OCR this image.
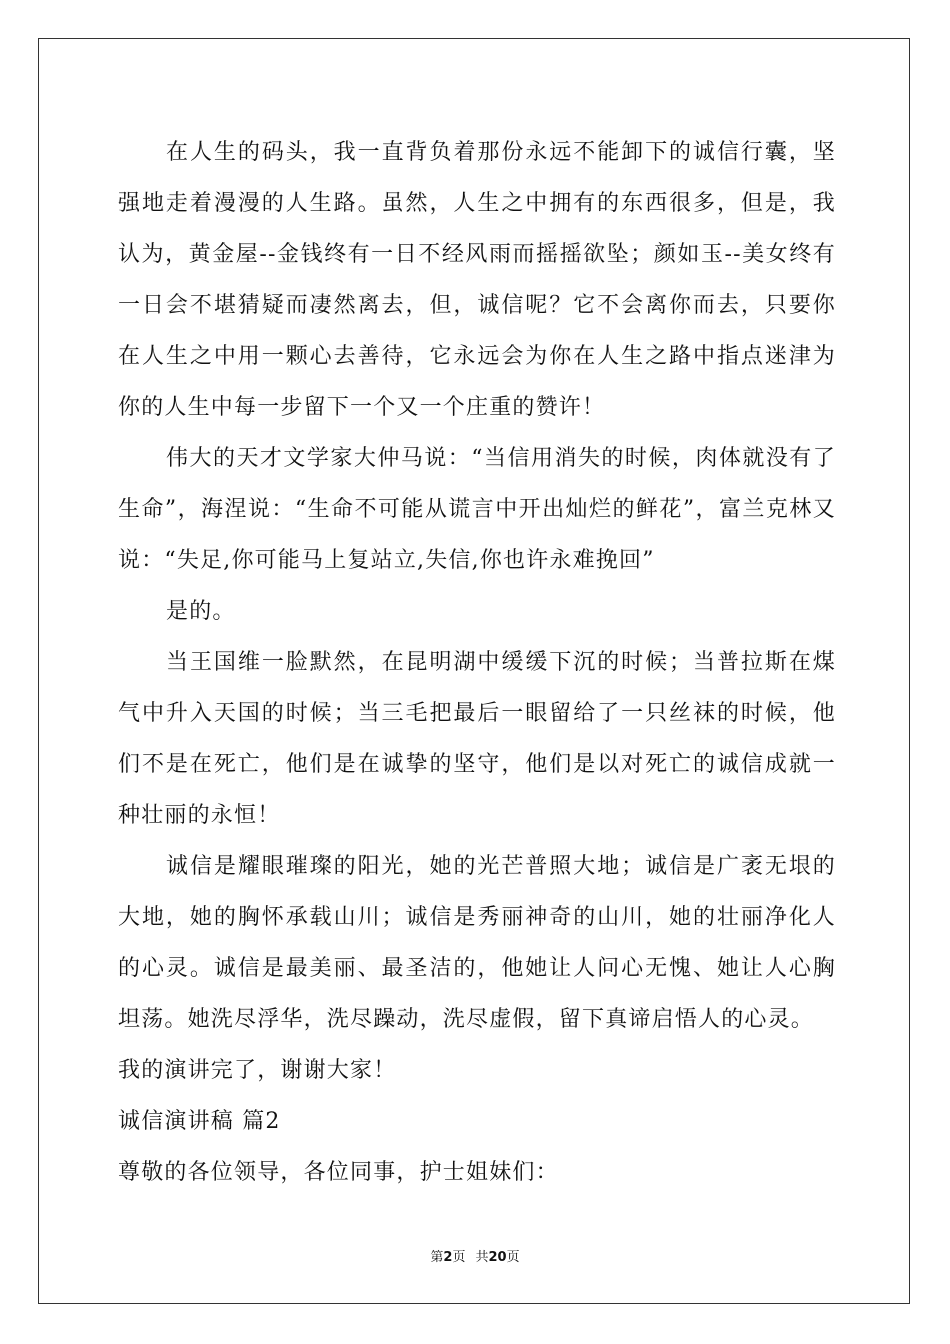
在人生的码头，我一直背负着那份永远不能卸下的诚信行囊，坚强地走着漫漫的人生路。虽然，人生之中拥有的东西很多，但是，我认为，黄金屋--金钱终有一日不经风雨而摇摇欲坠；颜如玉--美女终有一日会不堪猜疑而凄然离去，但，诚信呢？它不会离你而去，只要你在人生之中用一颗心去善待，它永远会为你在人生之路中指点迷津为你的人生中每一步留下一个又一个庄重的赞许！

伟大的天才文学家大仲马说：“当信用消失的时候，肉体就没有了生命”，海涅说：“生命不可能从谎言中开出灿烂的鲜花”，富兰克林又说：“失足,你可能马上复站立,失信,你也许永难挽回”

是的。

当王国维一脸默然，在昆明湖中缓缓下沉的时候；当普拉斯在煤气中升入天国的时候；当三毛把最后一眼留给了一只丝袜的时候，他们不是在死亡，他们是在诚挚的坚守，他们是以对死亡的诚信成就一种壮丽的永恒！

诚信是耀眼璀璨的阳光，她的光芒普照大地；诚信是广袤无垠的大地，她的胸怀承载山川；诚信是秀丽神奇的山川，她的壮丽净化人的心灵。诚信是最美丽、最圣洁的，他她让人问心无愧、她让人心胸坦荡。她洗尽浮华，洗尽躁动，洗尽虚假，留下真谛启悟人的心灵。

我的演讲完了，谢谢大家！

诚信演讲稿 篇2

尊敬的各位领导，各位同事，护士姐妹们：

第2页 共20页
